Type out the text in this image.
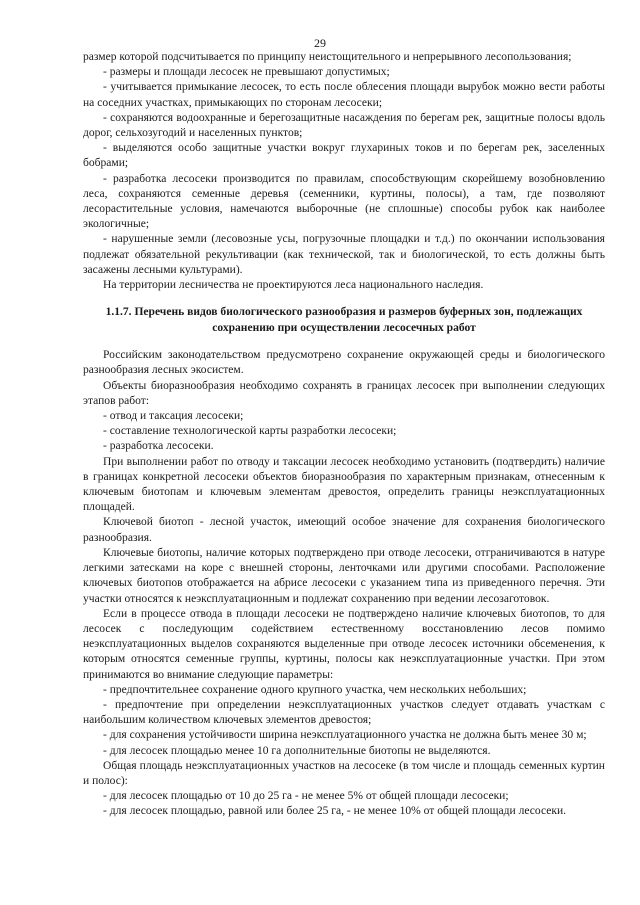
29

размер которой подсчитывается по принципу неистощительного и непрерывного лесопользования;

- размеры и площади лесосек не превышают допустимых;

- учитывается примыкание лесосек, то есть после облесения площади вырубок можно вести работы на соседних участках, примыкающих по сторонам лесосеки;

- сохраняются водоохранные и берегозащитные насаждения по берегам рек, защитные полосы вдоль дорог, сельхозугодий и населенных пунктов;

- выделяются особо защитные участки вокруг глухариных токов и по берегам рек, заселенных бобрами;

- разработка лесосеки производится по правилам, способствующим скорейшему возобновлению леса, сохраняются семенные деревья (семенники, куртины, полосы), а там, где позволяют лесорастительные условия, намечаются выборочные (не сплошные) способы рубок как наиболее экологичные;

- нарушенные земли (лесовозные усы, погрузочные площадки и т.д.) по окончании использования подлежат обязательной рекультивации (как технической, так и биологической, то есть должны быть засажены лесными культурами).

На территории лесничества не проектируются леса национального наследия.

1.1.7. Перечень видов биологического разнообразия и размеров буферных зон, подлежащих сохранению при осуществлении лесосечных работ

Российским законодательством предусмотрено сохранение окружающей среды и биологического разнообразия лесных экосистем.

Объекты биоразнообразия необходимо сохранять в границах лесосек при выполнении следующих этапов работ:

- отвод и таксация лесосеки;

- составление технологической карты разработки лесосеки;

- разработка лесосеки.

При выполнении работ по отводу и таксации лесосек необходимо установить (подтвердить) наличие в границах конкретной лесосеки объектов биоразнообразия по характерным признакам, отнесенным к ключевым биотопам и ключевым элементам древостоя, определить границы неэксплуатационных площадей.

Ключевой биотоп - лесной участок, имеющий особое значение для сохранения биологического разнообразия.

Ключевые биотопы, наличие которых подтверждено при отводе лесосеки, отграничиваются в натуре легкими затесками на коре с внешней стороны, ленточками или другими способами. Расположение ключевых биотопов отображается на абрисе лесосеки с указанием типа из приведенного перечня. Эти участки относятся к неэксплуатационным и подлежат сохранению при ведении лесозаготовок.

Если в процессе отвода в площади лесосеки не подтверждено наличие ключевых биотопов, то для лесосек с последующим содействием естественному восстановлению лесов помимо неэксплуатационных выделов сохраняются выделенные при отводе лесосек источники обсеменения, к которым относятся семенные группы, куртины, полосы как неэксплуатационные участки. При этом принимаются во внимание следующие параметры:

- предпочтительнее сохранение одного крупного участка, чем нескольких небольших;

- предпочтение при определении неэксплуатационных участков следует отдавать участкам с наибольшим количеством ключевых элементов древостоя;

- для сохранения устойчивости ширина неэксплуатационного участка не должна быть менее 30 м;

- для лесосек площадью менее 10 га дополнительные биотопы не выделяются.

Общая площадь неэксплуатационных участков на лесосеке (в том числе и площадь семенных куртин и полос):

- для лесосек площадью от 10 до 25 га - не менее 5% от общей площади лесосеки;

- для лесосек площадью, равной или более 25 га, - не менее 10% от общей площади лесосеки.
